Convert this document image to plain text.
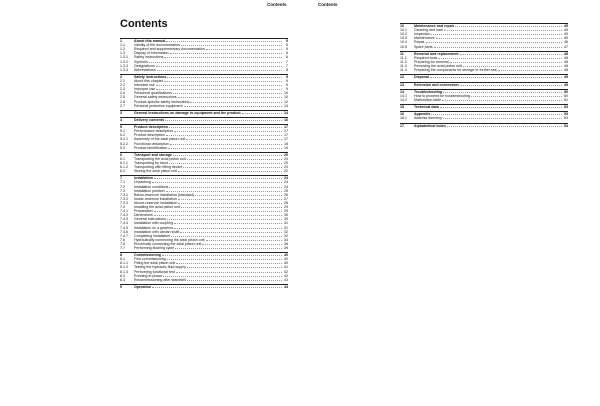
Contents	Contents
Contents
1	About this manual	5
1.1	Validity of the documentation	5
1.2	Required and supplementary documentation	5
1.3	Display of information	6
1.3.1	Safety instructions	6
1.3.2	Symbols	7
1.3.3	Designations	7
1.3.4	Abbreviations	8
2	Safety instructions	9
2.1	About this chapter	9
2.2	Intended use	9
2.3	Improper use	9
2.4	Personnel qualifications	10
2.5	General safety instructions	10
2.6	Product-specific safety instructions	12
2.7	Personal protective equipment	14
3	General instructions on damage to equipment and the product	14
4	Delivery contents	16
5	Product description	17
5.1	Performance description	17
5.2	Product description	17
5.2.1	Assembly of the axial piston unit	17
5.2.2	Functional description	18
5.3	Product identification	19
6	Transport and storage	20
6.1	Transporting the axial piston unit	20
6.1.1	Transporting by hand	20
6.1.2	Transporting with lifting device	20
6.2	Storing the axial piston unit	22
7	Installation	24
7.1	Unpacking	24
7.2	Installation conditions	24
7.3	Installation position	25
7.3.1	Below-reservoir installation (standard)	26
7.3.2	Inside-reservoir installation	27
7.3.3	Above-reservoir installation	28
7.4	Installing the axial piston unit	29
7.4.1	Preparation	29
7.4.2	Dimensions	30
7.4.3	General instructions	30
7.4.4	Installation with coupling	31
7.4.5	Installation on a gearbox	31
7.4.6	Installation with cardan shaft	32
7.4.7	Completing installation	32
7.5	Hydraulically connecting the axial piston unit	34
7.6	Electrically connecting the axial piston unit	38
7.7	Performing flushing cycle	39
8	Commissioning	40
8.1	First commissioning	40
8.1.1	Filling the axial piston unit	40
8.1.2	Testing the hydraulic fluid supply	41
8.1.3	Performing functional test	42
8.2	Running-in phase	42
8.3	Recommissioning after standstill	43
9	Operation	44
10	Maintenance and repair	45
10.1	Cleaning and care	45
10.2	Inspection	45
10.3	Maintenance	46
10.4	Repair	46
10.5	Spare parts	47
11	Removal and replacement	48
11.1	Required tools	48
11.2	Preparing for removal	48
11.3	Removing the axial piston unit	48
11.4	Preparing the components for storage or further use	48
12	Disposal	49
13	Extension and conversion	49
14	Troubleshooting	50
14.1	How to proceed for troubleshooting	50
14.2	Malfunction table	51
15	Technical data	53
16	Appendix	53
16.1	Address directory	53
17	Alphabetical index	54
